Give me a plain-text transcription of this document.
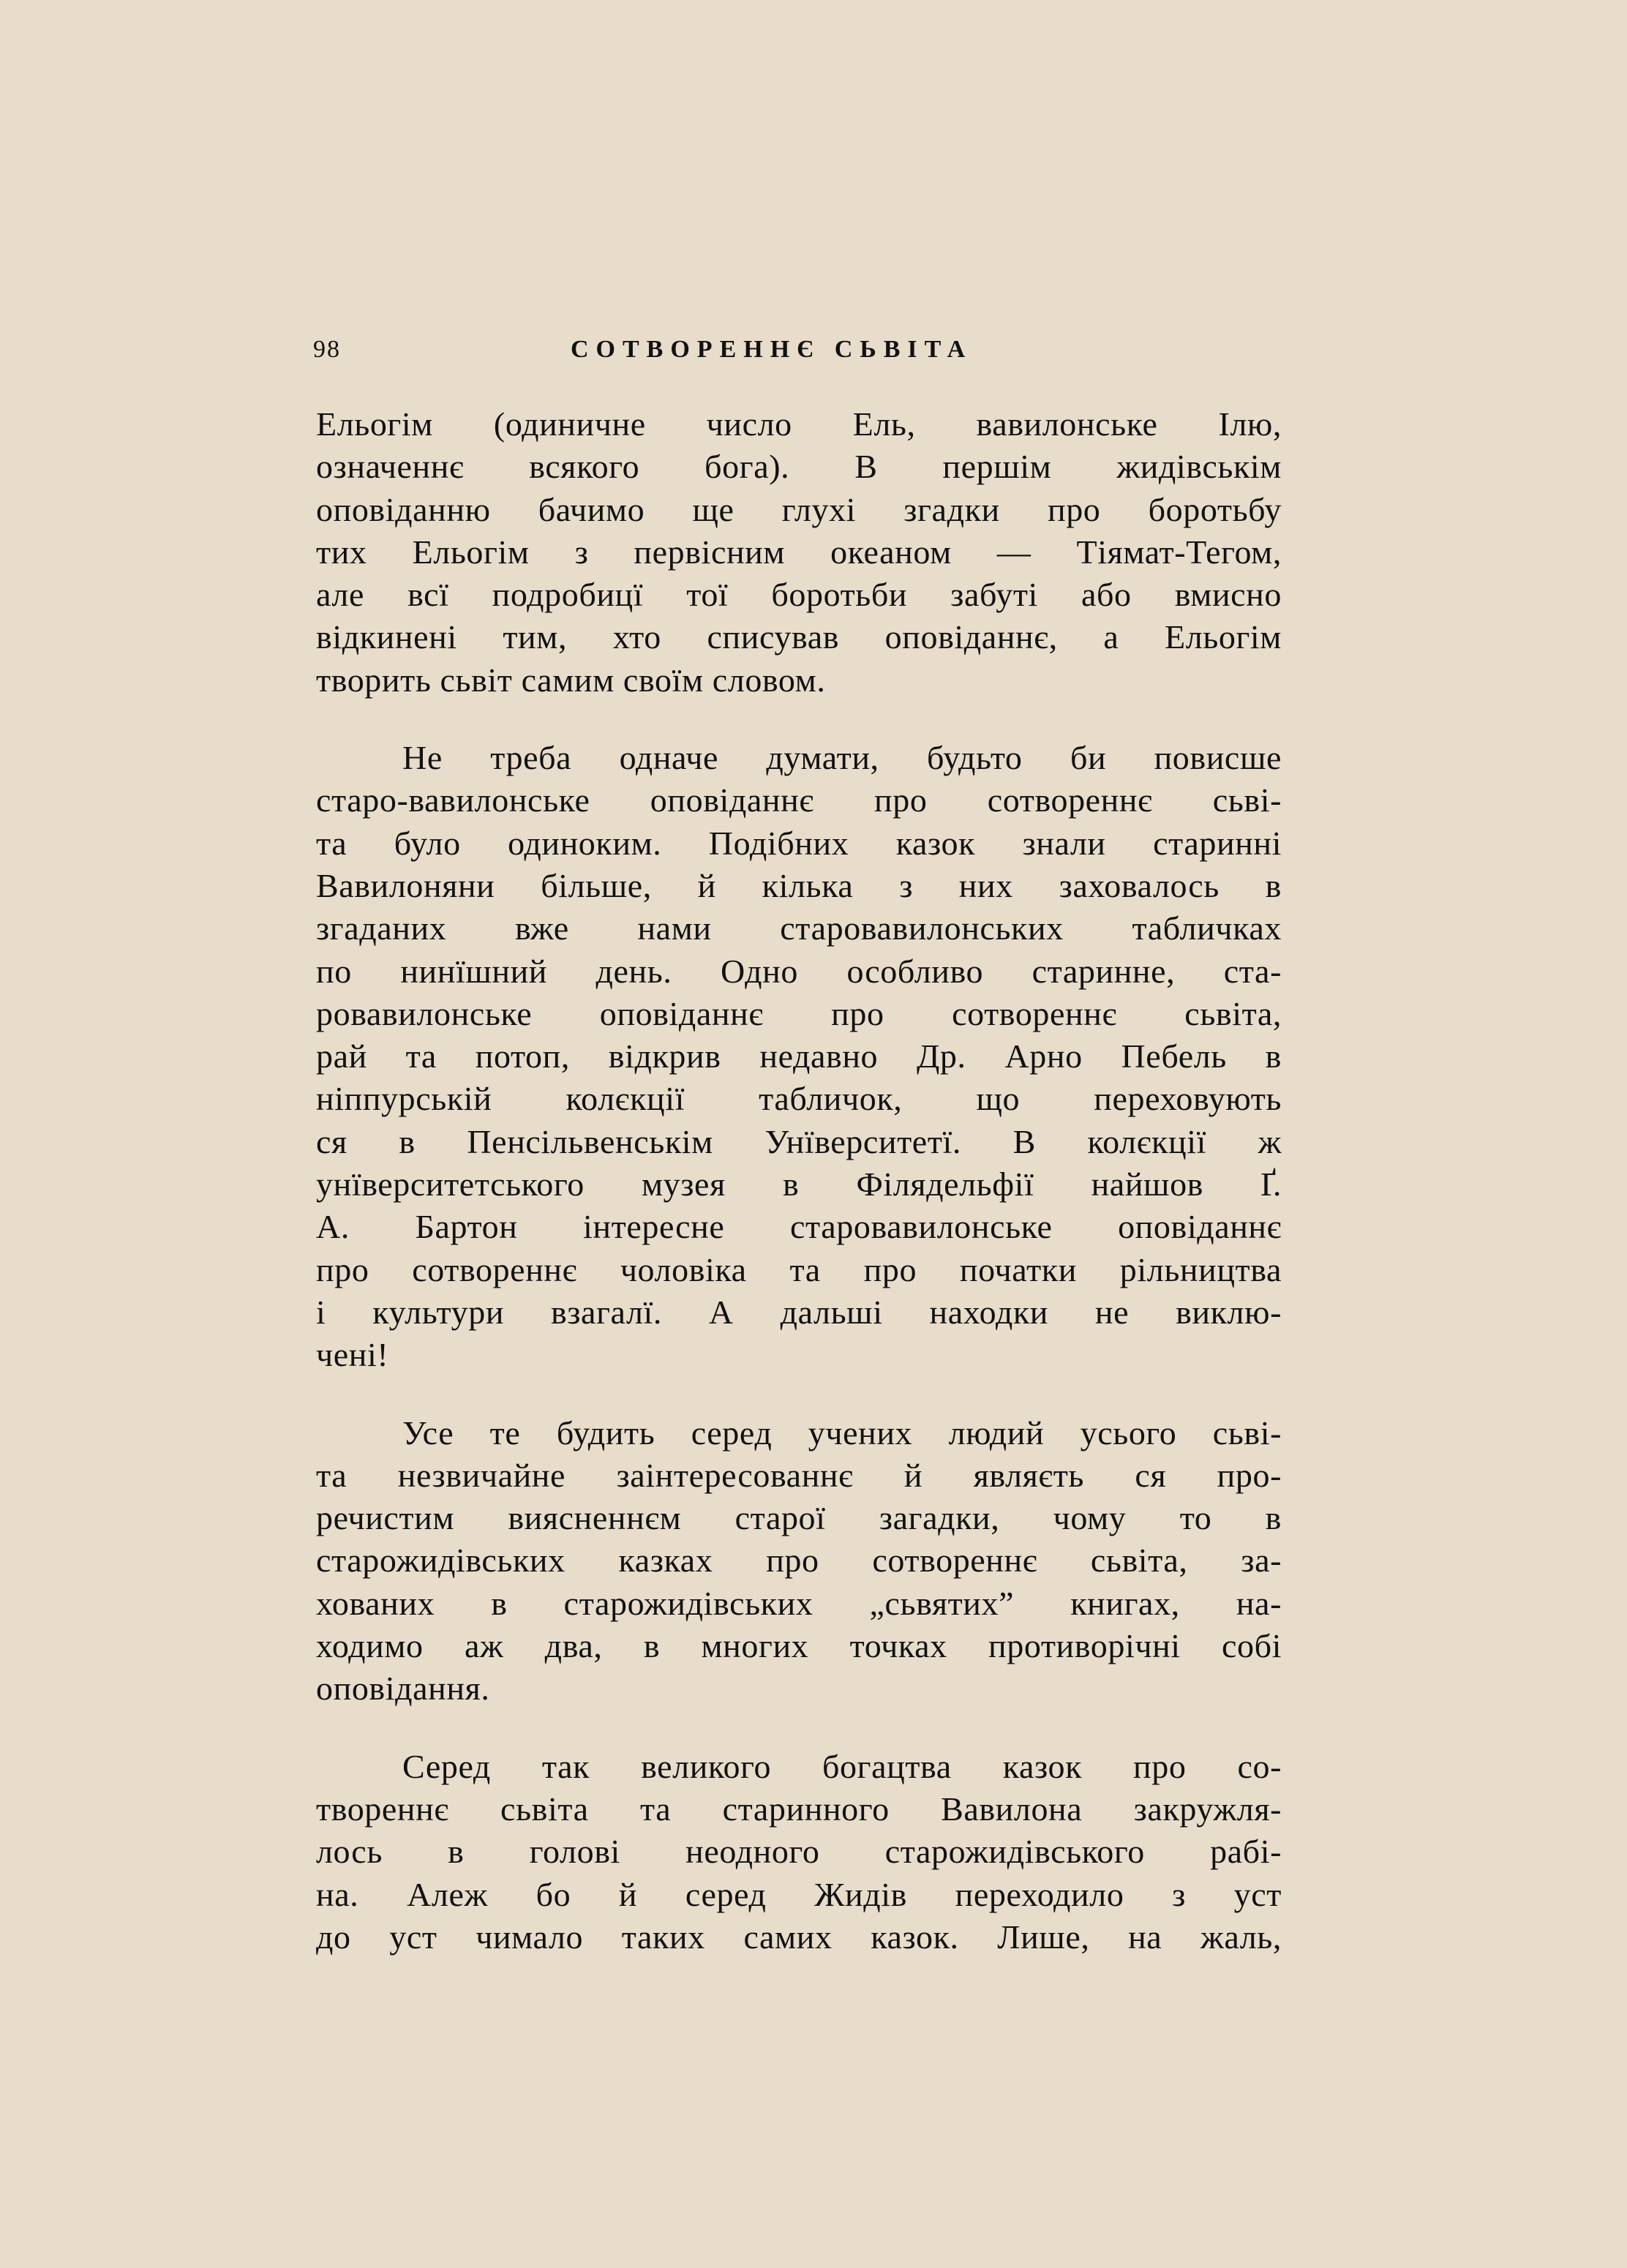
98	СОТВОРЕННЄ СЬВІТА
Ельогім (одиничне число Ель, вавилонське Ілю,
означеннє всякого бога). В першім жидівськім
оповіданню бачимо ще глухі згадки про боротьбу
тих Ельогім з первісним океаном — Тіямат-Тегом,
але всї подробицї тої боротьби забуті або вмисно
відкинені тим, хто списував оповіданнє, а Ельогім
творить сьвіт самим своїм словом.
Не треба одначе думати, будьто би повисше
старо-вавилонське оповіданнє про сотвореннє сьві-
та було одиноким. Подібних казок знали старинні
Вавилоняни більше, й кілька з них заховалось в
згаданих вже нами старовавилонських табличках
по нинїшний день. Одно особливо старинне, ста-
ровавилонське оповіданнє про сотвореннє сьвіта,
рай та потоп, відкрив недавно Др. Арно Пебель в
ніппурській колєкції табличок, що переховують
ся в Пенсільвенськім Унїверситетї. В колєкції ж
унїверситетського музея в Філядельфії найшов Ґ.
А. Бартон інтересне старовавилонське оповіданнє
про сотвореннє чоловіка та про початки рільництва
і культури взагалї. А дальші находки не виклю-
чені!
Усе те будить серед учених людий усього сьві-
та незвичайне заінтересованнє й являєть ся про-
речистим виясненнєм старої загадки, чому то в
старожидівських казках про сотвореннє сьвіта, за-
хованих в старожидівських „сьвятих” книгах, на-
ходимо аж два, в многих точках противорічні собі
оповідання.
Серед так великого богацтва казок про со-
твореннє сьвіта та старинного Вавилона закружля-
лось в голові неодного старожидівського рабі-
на. Алеж бо й серед Жидів переходило з уст
до уст чимало таких самих казок. Лише, на жаль,
